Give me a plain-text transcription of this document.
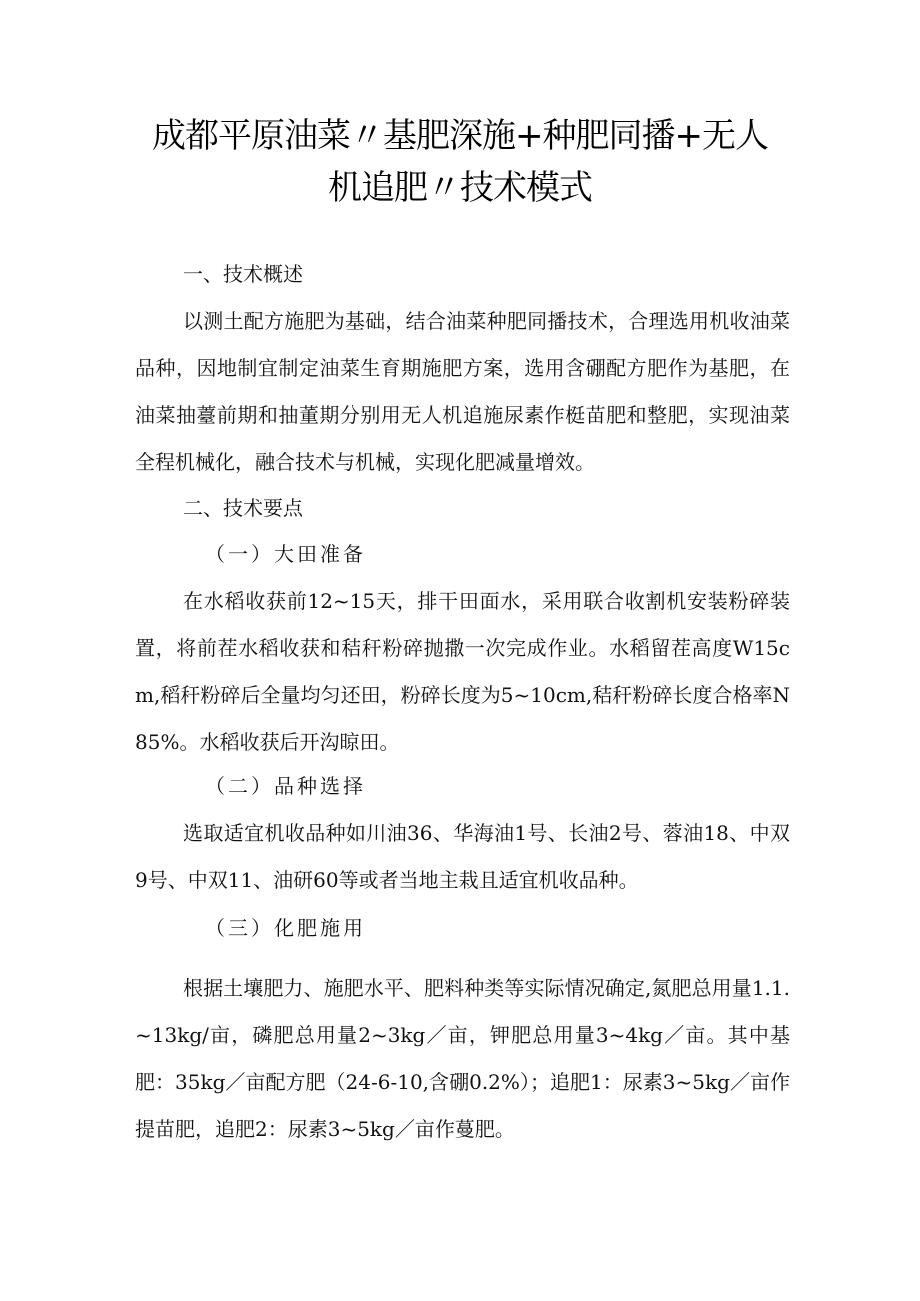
成都平原油菜〃基肥深施+种肥同播+无人
机追肥〃技术模式

一、技术概述

以测土配方施肥为基础，结合油菜种肥同播技术，合理选用机收油菜品种，因地制宜制定油菜生育期施肥方案，选用含硼配方肥作为基肥，在油菜抽薹前期和抽董期分别用无人机追施尿素作梃苗肥和整肥，实现油菜全程机械化，融合技术与机械，实现化肥减量增效。

二、技术要点

（一）大田准备

在水稻收获前12~15天，排干田面水，采用联合收割机安装粉碎装置，将前茬水稻收获和秸秆粉碎抛撒一次完成作业。水稻留茬高度W15cm,稻秆粉碎后全量均匀还田，粉碎长度为5~10cm,秸秆粉碎长度合格率N85%。水稻收获后开沟晾田。

（二）品种选择

选取适宜机收品种如川油36、华海油1号、长油2号、蓉油18、中双9号、中双11、油研60等或者当地主栽且适宜机收品种。

（三）化肥施用

根据土壤肥力、施肥水平、肥料种类等实际情况确定,氮肥总用量1.1.~13kg/亩，磷肥总用量2~3kg／亩，钾肥总用量3~4kg／亩。其中基肥：35kg／亩配方肥（24-6-10,含硼0.2%）；追肥1：尿素3~5kg／亩作提苗肥，追肥2：尿素3~5kg／亩作蔓肥。
